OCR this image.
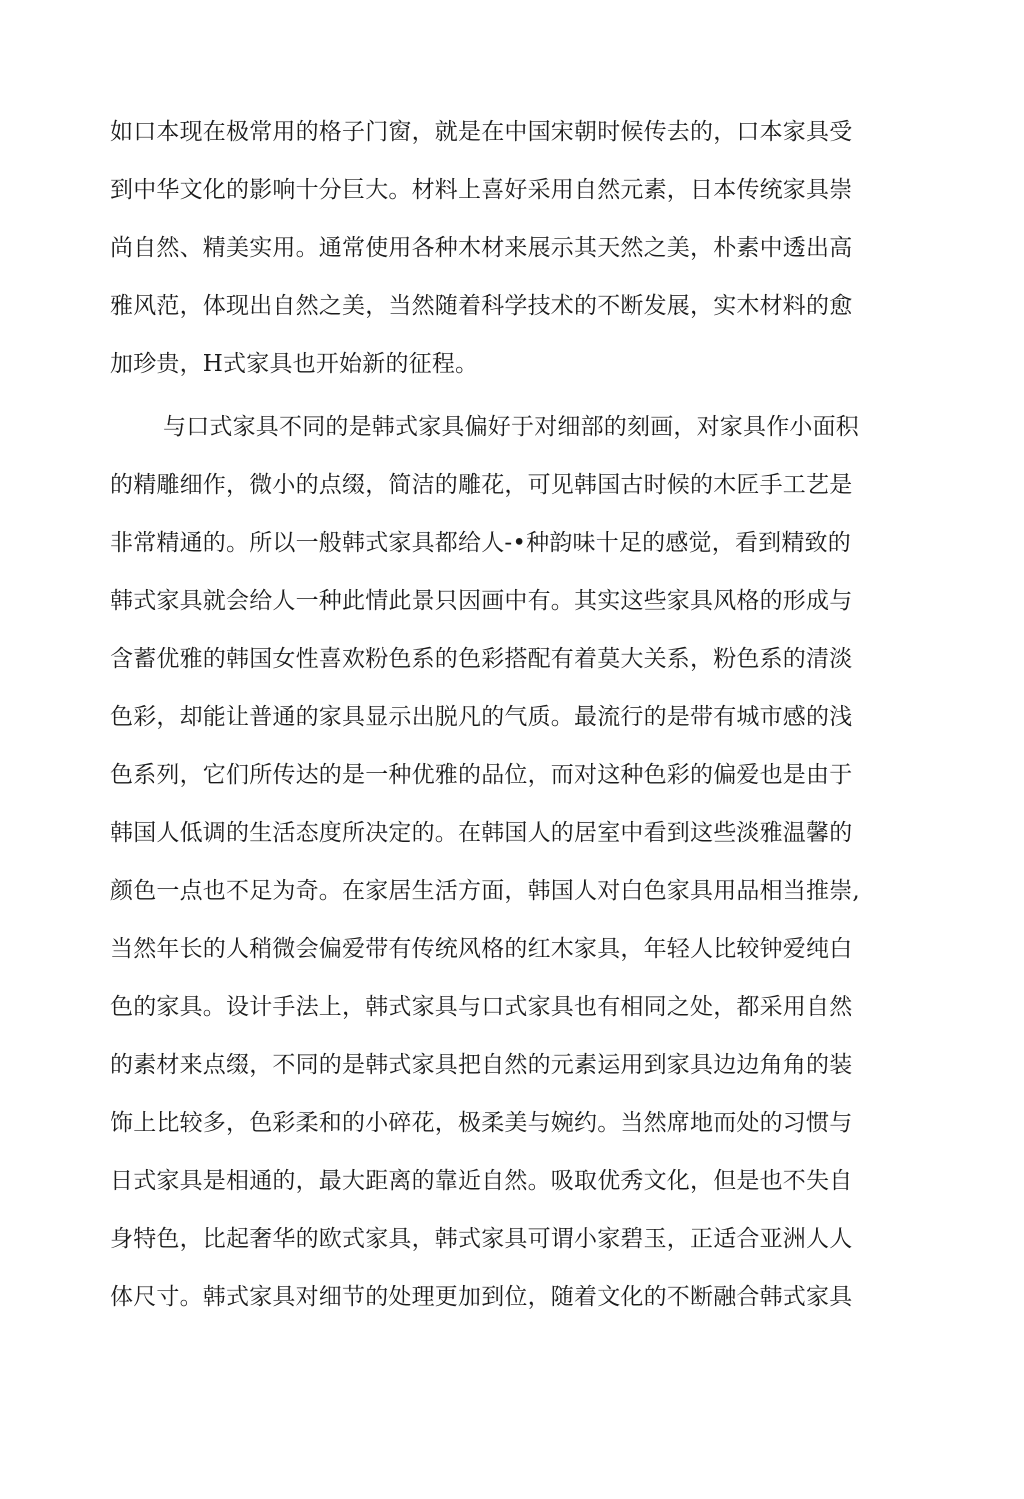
如口本现在极常用的格子门窗，就是在中国宋朝时候传去的，口本家具受
到中华文化的影响十分巨大。材料上喜好采用自然元素，日本传统家具崇
尚自然、精美实用。通常使用各种木材来展示其天然之美，朴素中透出高
雅风范，体现出自然之美，当然随着科学技术的不断发展，实木材料的愈
加珍贵，H式家具也开始新的征程。
与口式家具不同的是韩式家具偏好于对细部的刻画，对家具作小面积
的精雕细作，微小的点缀，简洁的雕花，可见韩国古时候的木匠手工艺是
非常精通的。所以一般韩式家具都给人-•种韵味十足的感觉，看到精致的
韩式家具就会给人一种此情此景只因画中有。其实这些家具风格的形成与
含蓄优雅的韩国女性喜欢粉色系的色彩搭配有着莫大关系，粉色系的清淡
色彩，却能让普通的家具显示出脱凡的气质。最流行的是带有城市感的浅
色系列，它们所传达的是一种优雅的品位，而对这种色彩的偏爱也是由于
韩国人低调的生活态度所决定的。在韩国人的居室中看到这些淡雅温馨的
颜色一点也不足为奇。在家居生活方面，韩国人对白色家具用品相当推崇,
当然年长的人稍微会偏爱带有传统风格的红木家具，年轻人比较钟爱纯白
色的家具。设计手法上，韩式家具与口式家具也有相同之处，都采用自然
的素材来点缀，不同的是韩式家具把自然的元素运用到家具边边角角的装
饰上比较多，色彩柔和的小碎花，极柔美与婉约。当然席地而处的习惯与
日式家具是相通的，最大距离的靠近自然。吸取优秀文化，但是也不失自
身特色，比起奢华的欧式家具，韩式家具可谓小家碧玉，正适合亚洲人人
体尺寸。韩式家具对细节的处理更加到位，随着文化的不断融合韩式家具
